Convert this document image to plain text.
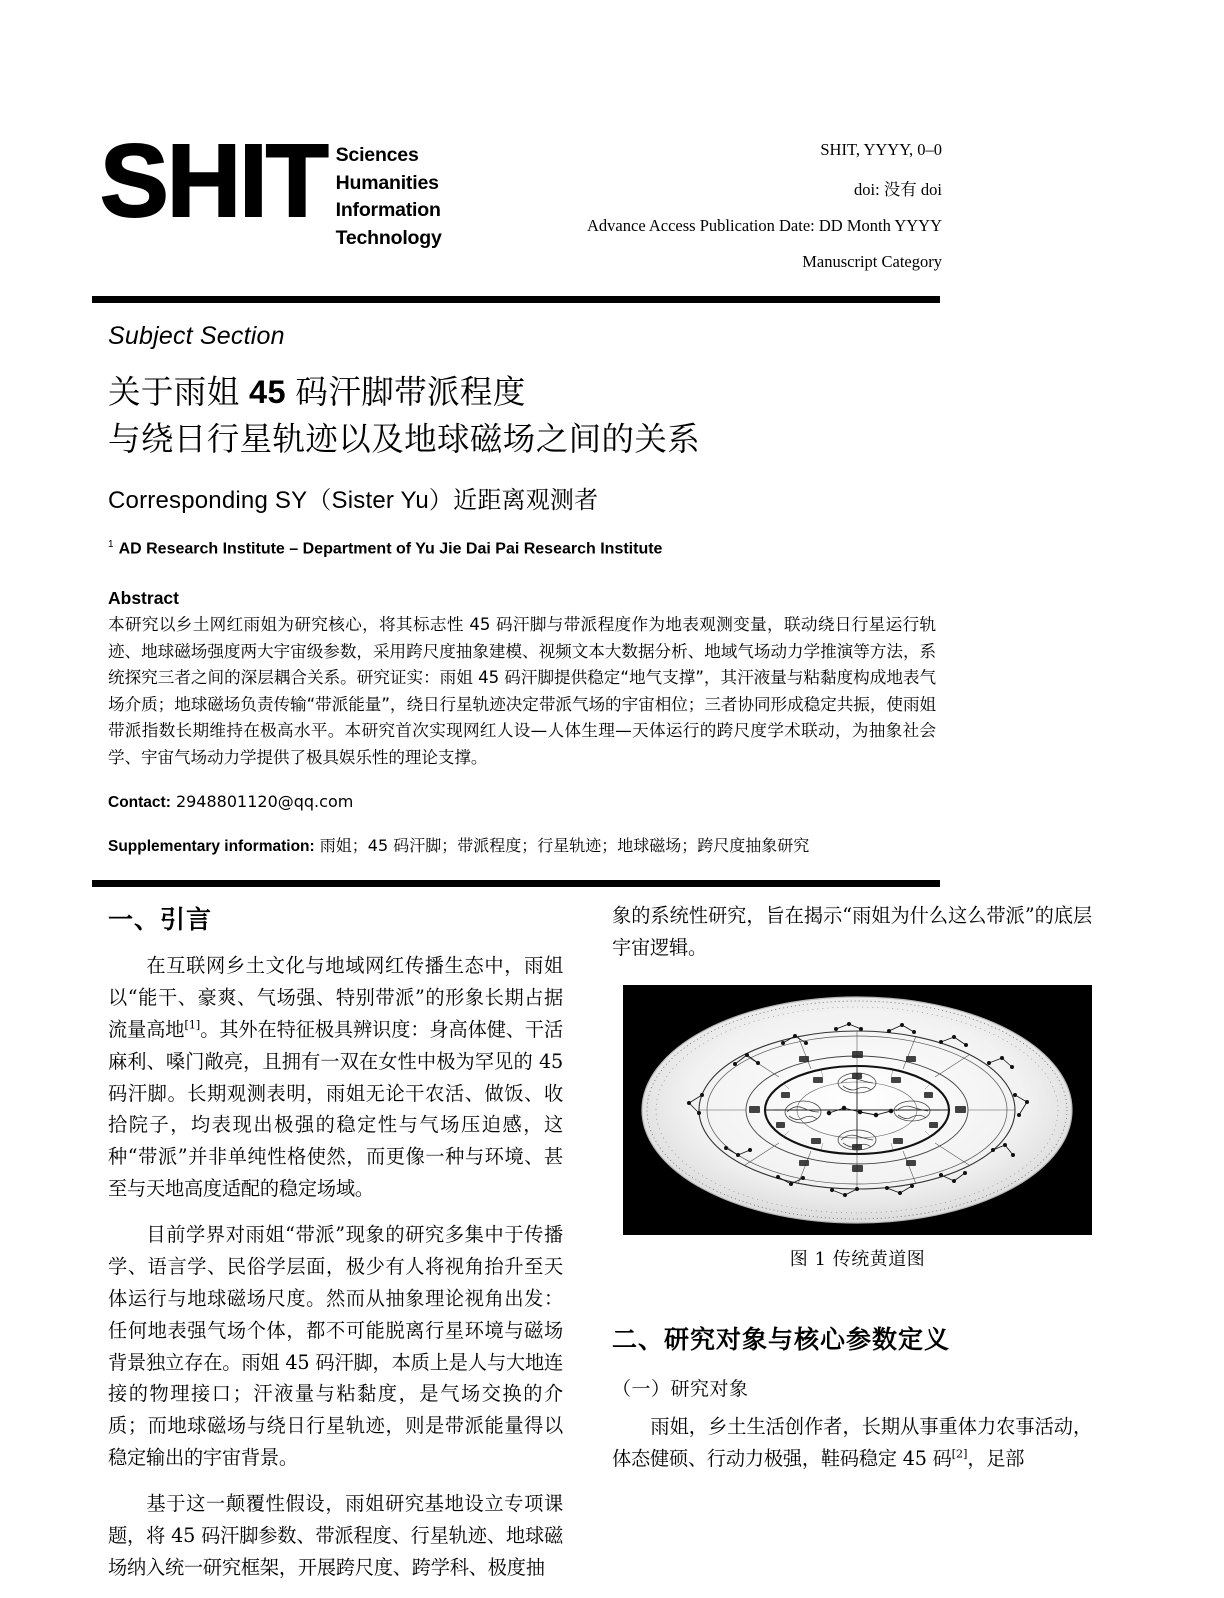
SHIT Sciences
Humanities
Information
Technology
SHIT, YYYY, 0–0
doi: 没有 doi
Advance Access Publication Date: DD Month YYYY
Manuscript Category
Subject Section
关于雨姐 45 码汗脚带派程度
与绕日行星轨迹以及地球磁场之间的关系
Corresponding SY（Sister Yu）近距离观测者
$^1$ AD Research Institute – Department of Yu Jie Dai Pai Research Institute
Abstract

本研究以乡土网红雨姐为研究核心，将其标志性 45 码汗脚与带派程度作为地表观测变量，联动绕日行星运行轨迹、地球磁场强度两大宇宙级参数，采用跨尺度抽象建模、视频文本大数据分析、地域气场动力学推演等方法，系统探究三者之间的深层耦合关系。研究证实：雨姐 45 码汗脚提供稳定“地气支撑”，其汗液量与粘黏度构成地表气场介质；地球磁场负责传输“带派能量”，绕日行星轨迹决定带派气场的宇宙相位；三者协同形成稳定共振，使雨姐带派指数长期维持在极高水平。本研究首次实现网红人设—人体生理—天体运行的跨尺度学术联动，为抽象社会学、宇宙气场动力学提供了极具娱乐性的理论支撑。

Contact: 2948801120@qq.com

Supplementary information: 雨姐；45 码汗脚；带派程度；行星轨迹；地球磁场；跨尺度抽象研究

一、引言

在互联网乡土文化与地域网红传播生态中，雨姐以“能干、豪爽、气场强、特别带派”的形象长期占据流量高地[1]。其外在特征极具辨识度：身高体健、干活麻利、嗓门敞亮，且拥有一双在女性中极为罕见的 45 码汗脚。长期观测表明，雨姐无论干农活、做饭、收拾院子，均表现出极强的稳定性与气场压迫感，这种“带派”并非单纯性格使然，而更像一种与环境、甚至与天地高度适配的稳定场域。

目前学界对雨姐“带派”现象的研究多集中于传播学、语言学、民俗学层面，极少有人将视角抬升至天体运行与地球磁场尺度。然而从抽象理论视角出发：任何地表强气场个体，都不可能脱离行星环境与磁场背景独立存在。雨姐 45 码汗脚，本质上是人与大地连接的物理接口；汗液量与粘黏度，是气场交换的介质；而地球磁场与绕日行星轨迹，则是带派能量得以稳定输出的宇宙背景。

基于这一颠覆性假设，雨姐研究基地设立专项课题，将 45 码汗脚参数、带派程度、行星轨迹、地球磁场纳入统一研究框架，开展跨尺度、跨学科、极度抽

象的系统性研究，旨在揭示“雨姐为什么这么带派”的底层宇宙逻辑。

图 1 传统黄道图
二、研究对象与核心参数定义
（一）研究对象

雨姐，乡土生活创作者，长期从事重体力农事活动，体态健硕、行动力极强，鞋码稳定 45 码[2]，足部
